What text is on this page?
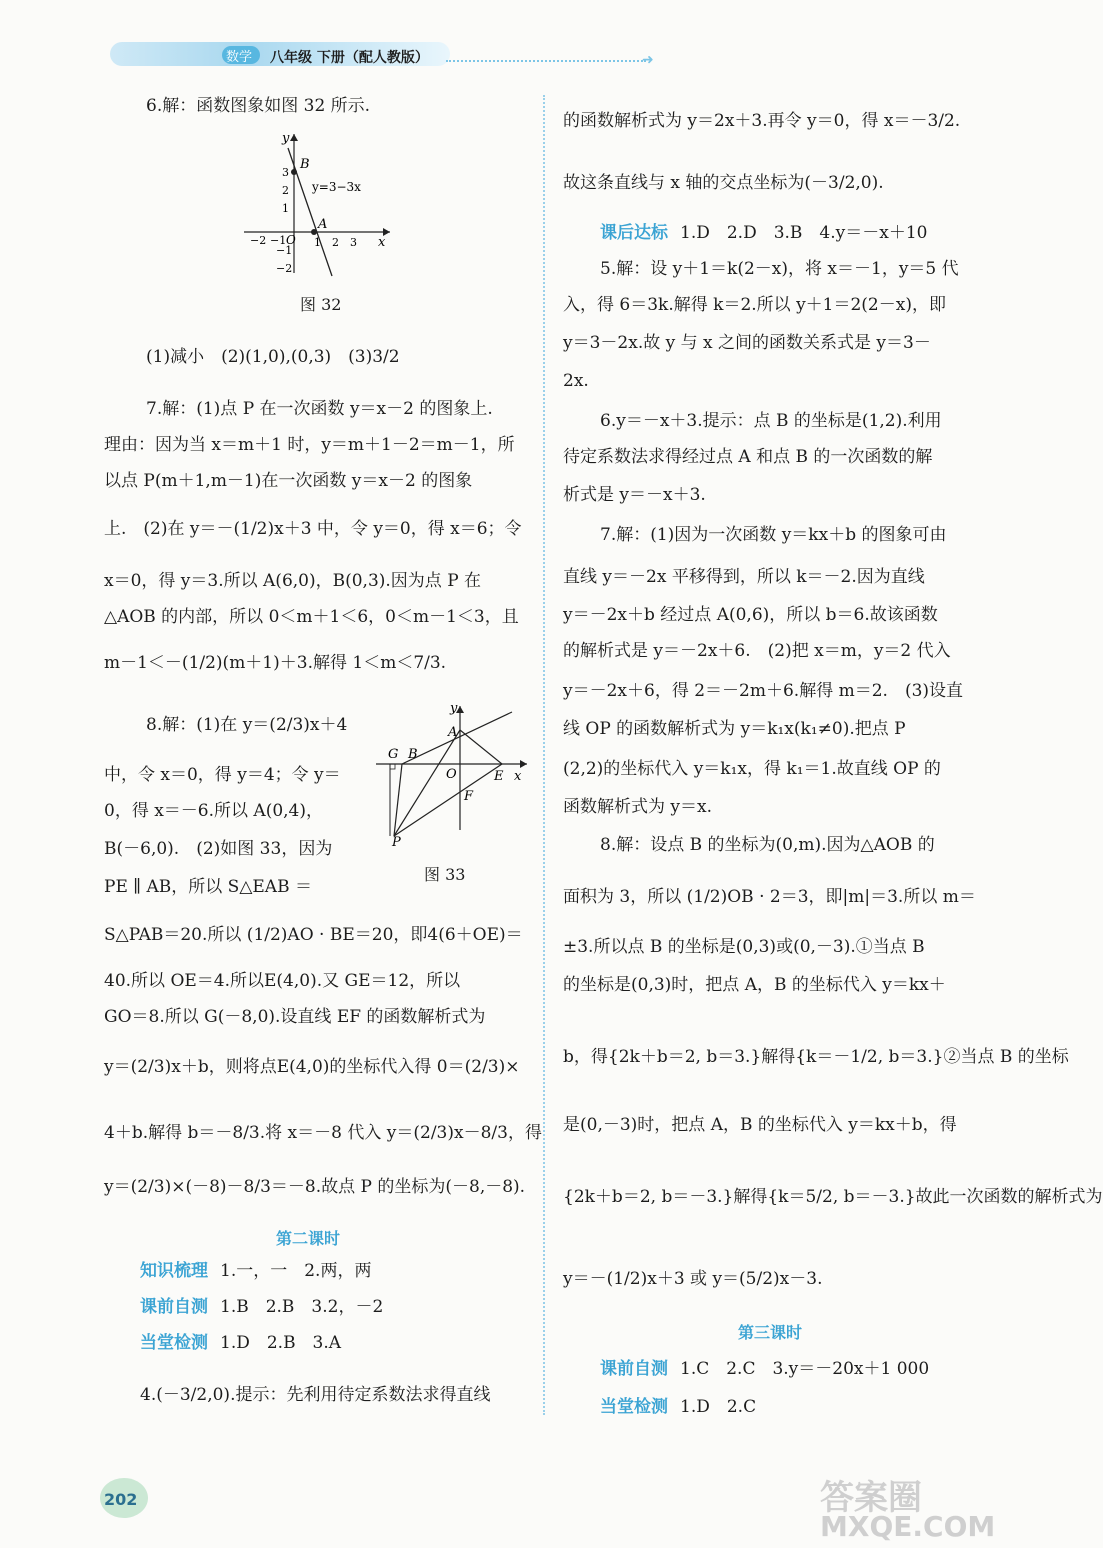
数学 八年级 下册（配人教版）	➜
6.解：函数图象如图 32 所示.
y
x
O
B
A
y=3−3x
3
2
1
−1
−2
−2 −1	1 2 3
图 32
(1)减小　(2)(1,0),(0,3)　(3)3/2
7.解：(1)点 P 在一次函数 y＝x－2 的图象上.
理由：因为当 x＝m＋1 时，y＝m＋1－2＝m－1，所
以点 P(m＋1,m－1)在一次函数 y＝x－2 的图象
上.　(2)在 y＝－(1/2)x＋3 中，令 y＝0，得 x＝6；令
x＝0，得 y＝3.所以 A(6,0)，B(0,3).因为点 P 在
△AOB 的内部，所以 0＜m＋1＜6，0＜m－1＜3，且
m－1＜－(1/2)(m＋1)＋3.解得 1＜m＜7/3.
8.解：(1)在 y＝(2/3)x＋4
中，令 x＝0，得 y＝4；令 y＝
0，得 x＝－6.所以 A(0,4)，
B(－6,0).　(2)如图 33，因为
PE ∥ AB，所以 S△EAB ＝
y
A
G B
O	E x
F
P
图 33
S△PAB＝20.所以 (1/2)AO · BE＝20，即4(6＋OE)＝
40.所以 OE＝4.所以E(4,0).又 GE＝12，所以
GO＝8.所以 G(－8,0).设直线 EF 的函数解析式为
y＝(2/3)x＋b，则将点E(4,0)的坐标代入得 0＝(2/3)×
4＋b.解得 b＝－8/3.将 x＝－8 代入 y＝(2/3)x－8/3，得
y＝(2/3)×(－8)－8/3＝－8.故点 P 的坐标为(－8,－8).
第二课时
知识梳理 1.一，一　2.两，两
课前自测 1.B　2.B　3.2，－2
当堂检测 1.D　2.B　3.A
4.(－3/2,0).提示：先利用待定系数法求得直线
的函数解析式为 y＝2x＋3.再令 y＝0，得 x＝－3/2.
故这条直线与 x 轴的交点坐标为(－3/2,0).
课后达标 1.D　2.D　3.B　4.y＝－x＋10
5.解：设 y＋1＝k(2－x)，将 x＝－1，y＝5 代
入，得 6＝3k.解得 k＝2.所以 y＋1＝2(2－x)，即
y＝3－2x.故 y 与 x 之间的函数关系式是 y＝3－
2x.
6.y＝－x＋3.提示：点 B 的坐标是(1,2).利用
待定系数法求得经过点 A 和点 B 的一次函数的解
析式是 y＝－x＋3.
7.解：(1)因为一次函数 y＝kx＋b 的图象可由
直线 y＝－2x 平移得到，所以 k＝－2.因为直线
y＝－2x＋b 经过点 A(0,6)，所以 b＝6.故该函数
的解析式是 y＝－2x＋6.　(2)把 x＝m，y＝2 代入
y＝－2x＋6，得 2＝－2m＋6.解得 m＝2.　(3)设直
线 OP 的函数解析式为 y＝k₁x(k₁≠0).把点 P
(2,2)的坐标代入 y＝k₁x，得 k₁＝1.故直线 OP 的
函数解析式为 y＝x.
8.解：设点 B 的坐标为(0,m).因为△AOB 的
面积为 3，所以 (1/2)OB · 2＝3，即|m|＝3.所以 m＝
±3.所以点 B 的坐标是(0,3)或(0,－3).①当点 B
的坐标是(0,3)时，把点 A，B 的坐标代入 y＝kx＋
b，得{2k＋b＝2, b＝3.}解得{k＝－1/2, b＝3.}②当点 B 的坐标
是(0,－3)时，把点 A，B 的坐标代入 y＝kx＋b，得
{2k＋b＝2, b＝－3.}解得{k＝5/2, b＝－3.}故此一次函数的解析式为
y＝－(1/2)x＋3 或 y＝(5/2)x－3.
第三课时
课前自测 1.C　2.C　3.y＝－20x＋1 000
当堂检测 1.D　2.C
202	答案圈
MXQE.COM
